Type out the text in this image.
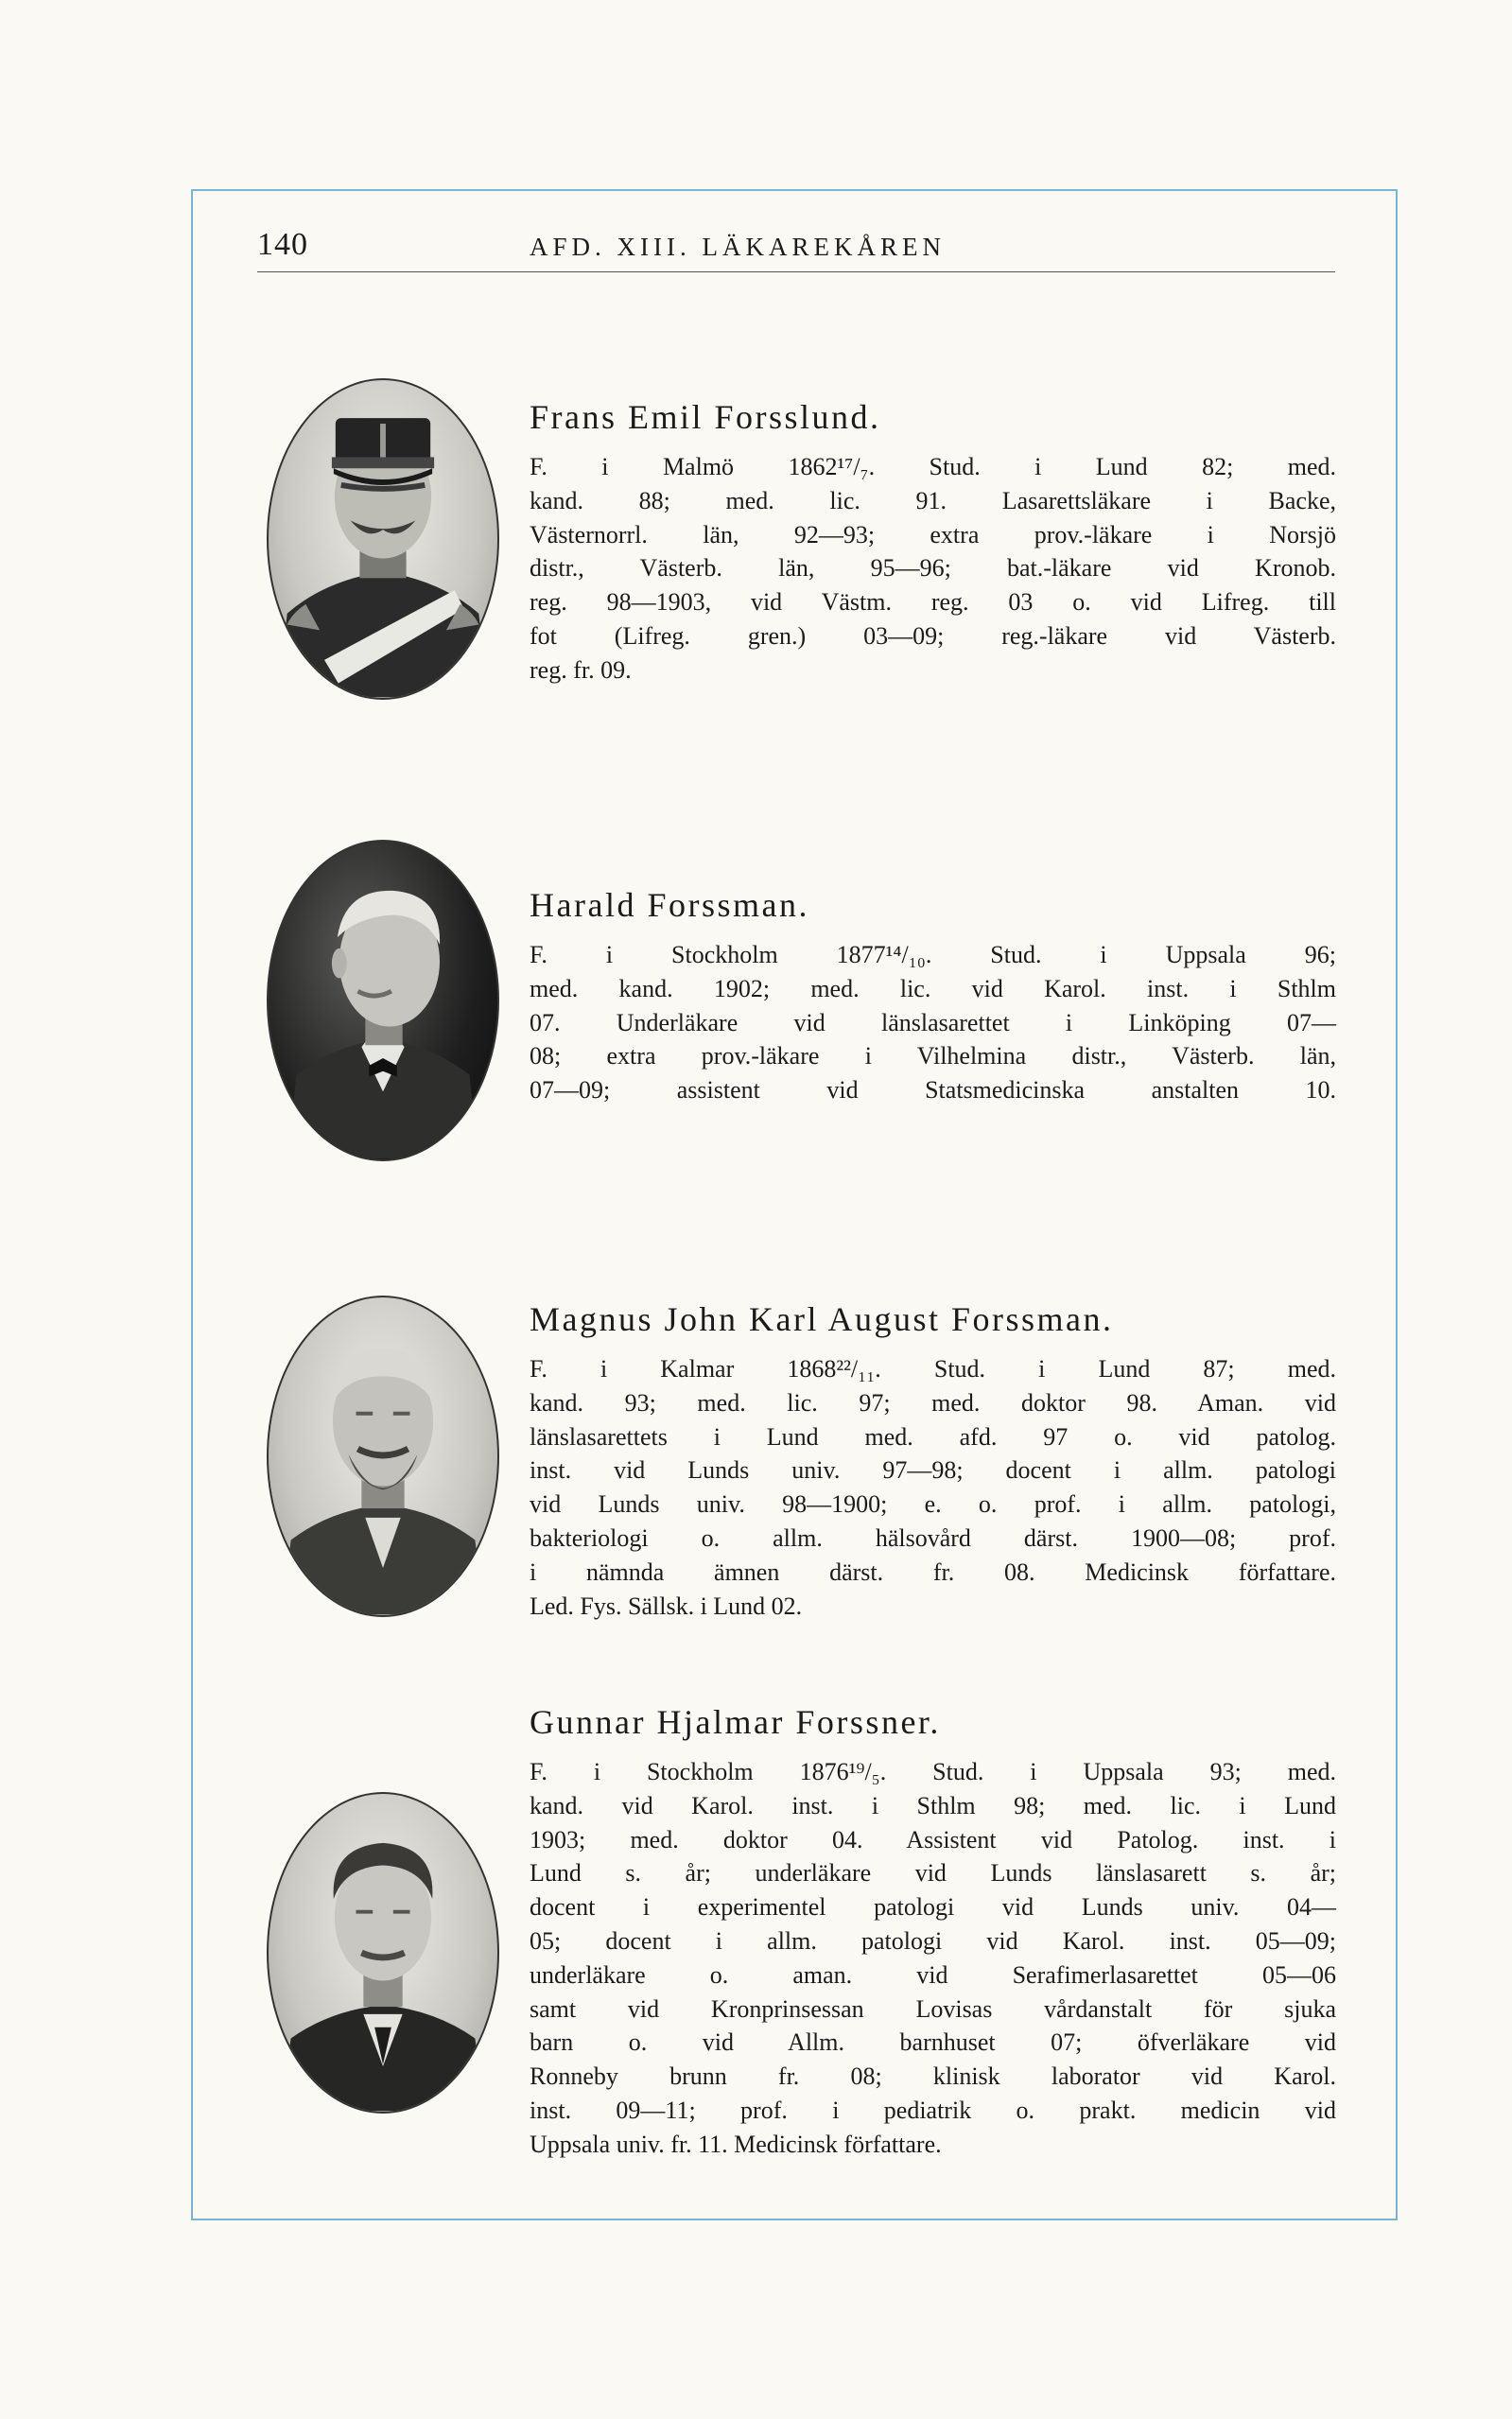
140	AFD. XIII. LÄKAREKÅREN
Frans Emil Forsslund.
F. i Malmö 1862¹⁷/₇. Stud. i Lund 82; med.
kand. 88; med. lic. 91. Lasarettsläkare i Backe,
Västernorrl. län, 92—93; extra prov.-läkare i Norsjö
distr., Västerb. län, 95—96; bat.-läkare vid Kronob.
reg. 98—1903, vid Västm. reg. 03 o. vid Lifreg. till
fot (Lifreg. gren.) 03—09; reg.-läkare vid Västerb.
reg. fr. 09.
Harald Forssman.
F. i Stockholm 1877¹⁴/₁₀. Stud. i Uppsala 96;
med. kand. 1902; med. lic. vid Karol. inst. i Sthlm
07. Underläkare vid länslasarettet i Linköping 07—
08; extra prov.-läkare i Vilhelmina distr., Västerb. län,
07—09; assistent vid Statsmedicinska anstalten 10.
Magnus John Karl August Forssman.
F. i Kalmar 1868²²/₁₁. Stud. i Lund 87; med.
kand. 93; med. lic. 97; med. doktor 98. Aman. vid
länslasarettets i Lund med. afd. 97 o. vid patolog.
inst. vid Lunds univ. 97—98; docent i allm. patologi
vid Lunds univ. 98—1900; e. o. prof. i allm. patologi,
bakteriologi o. allm. hälsovård därst. 1900—08; prof.
i nämnda ämnen därst. fr. 08. Medicinsk författare.
Led. Fys. Sällsk. i Lund 02.
Gunnar Hjalmar Forssner.
F. i Stockholm 1876¹⁹/₅. Stud. i Uppsala 93; med.
kand. vid Karol. inst. i Sthlm 98; med. lic. i Lund
1903; med. doktor 04. Assistent vid Patolog. inst. i
Lund s. år; underläkare vid Lunds länslasarett s. år;
docent i experimentel patologi vid Lunds univ. 04—
05; docent i allm. patologi vid Karol. inst. 05—09;
underläkare o. aman. vid Serafimerlasarettet 05—06
samt vid Kronprinsessan Lovisas vårdanstalt för sjuka
barn o. vid Allm. barnhuset 07; öfverläkare vid
Ronneby brunn fr. 08; klinisk laborator vid Karol.
inst. 09—11; prof. i pediatrik o. prakt. medicin vid
Uppsala univ. fr. 11. Medicinsk författare.
